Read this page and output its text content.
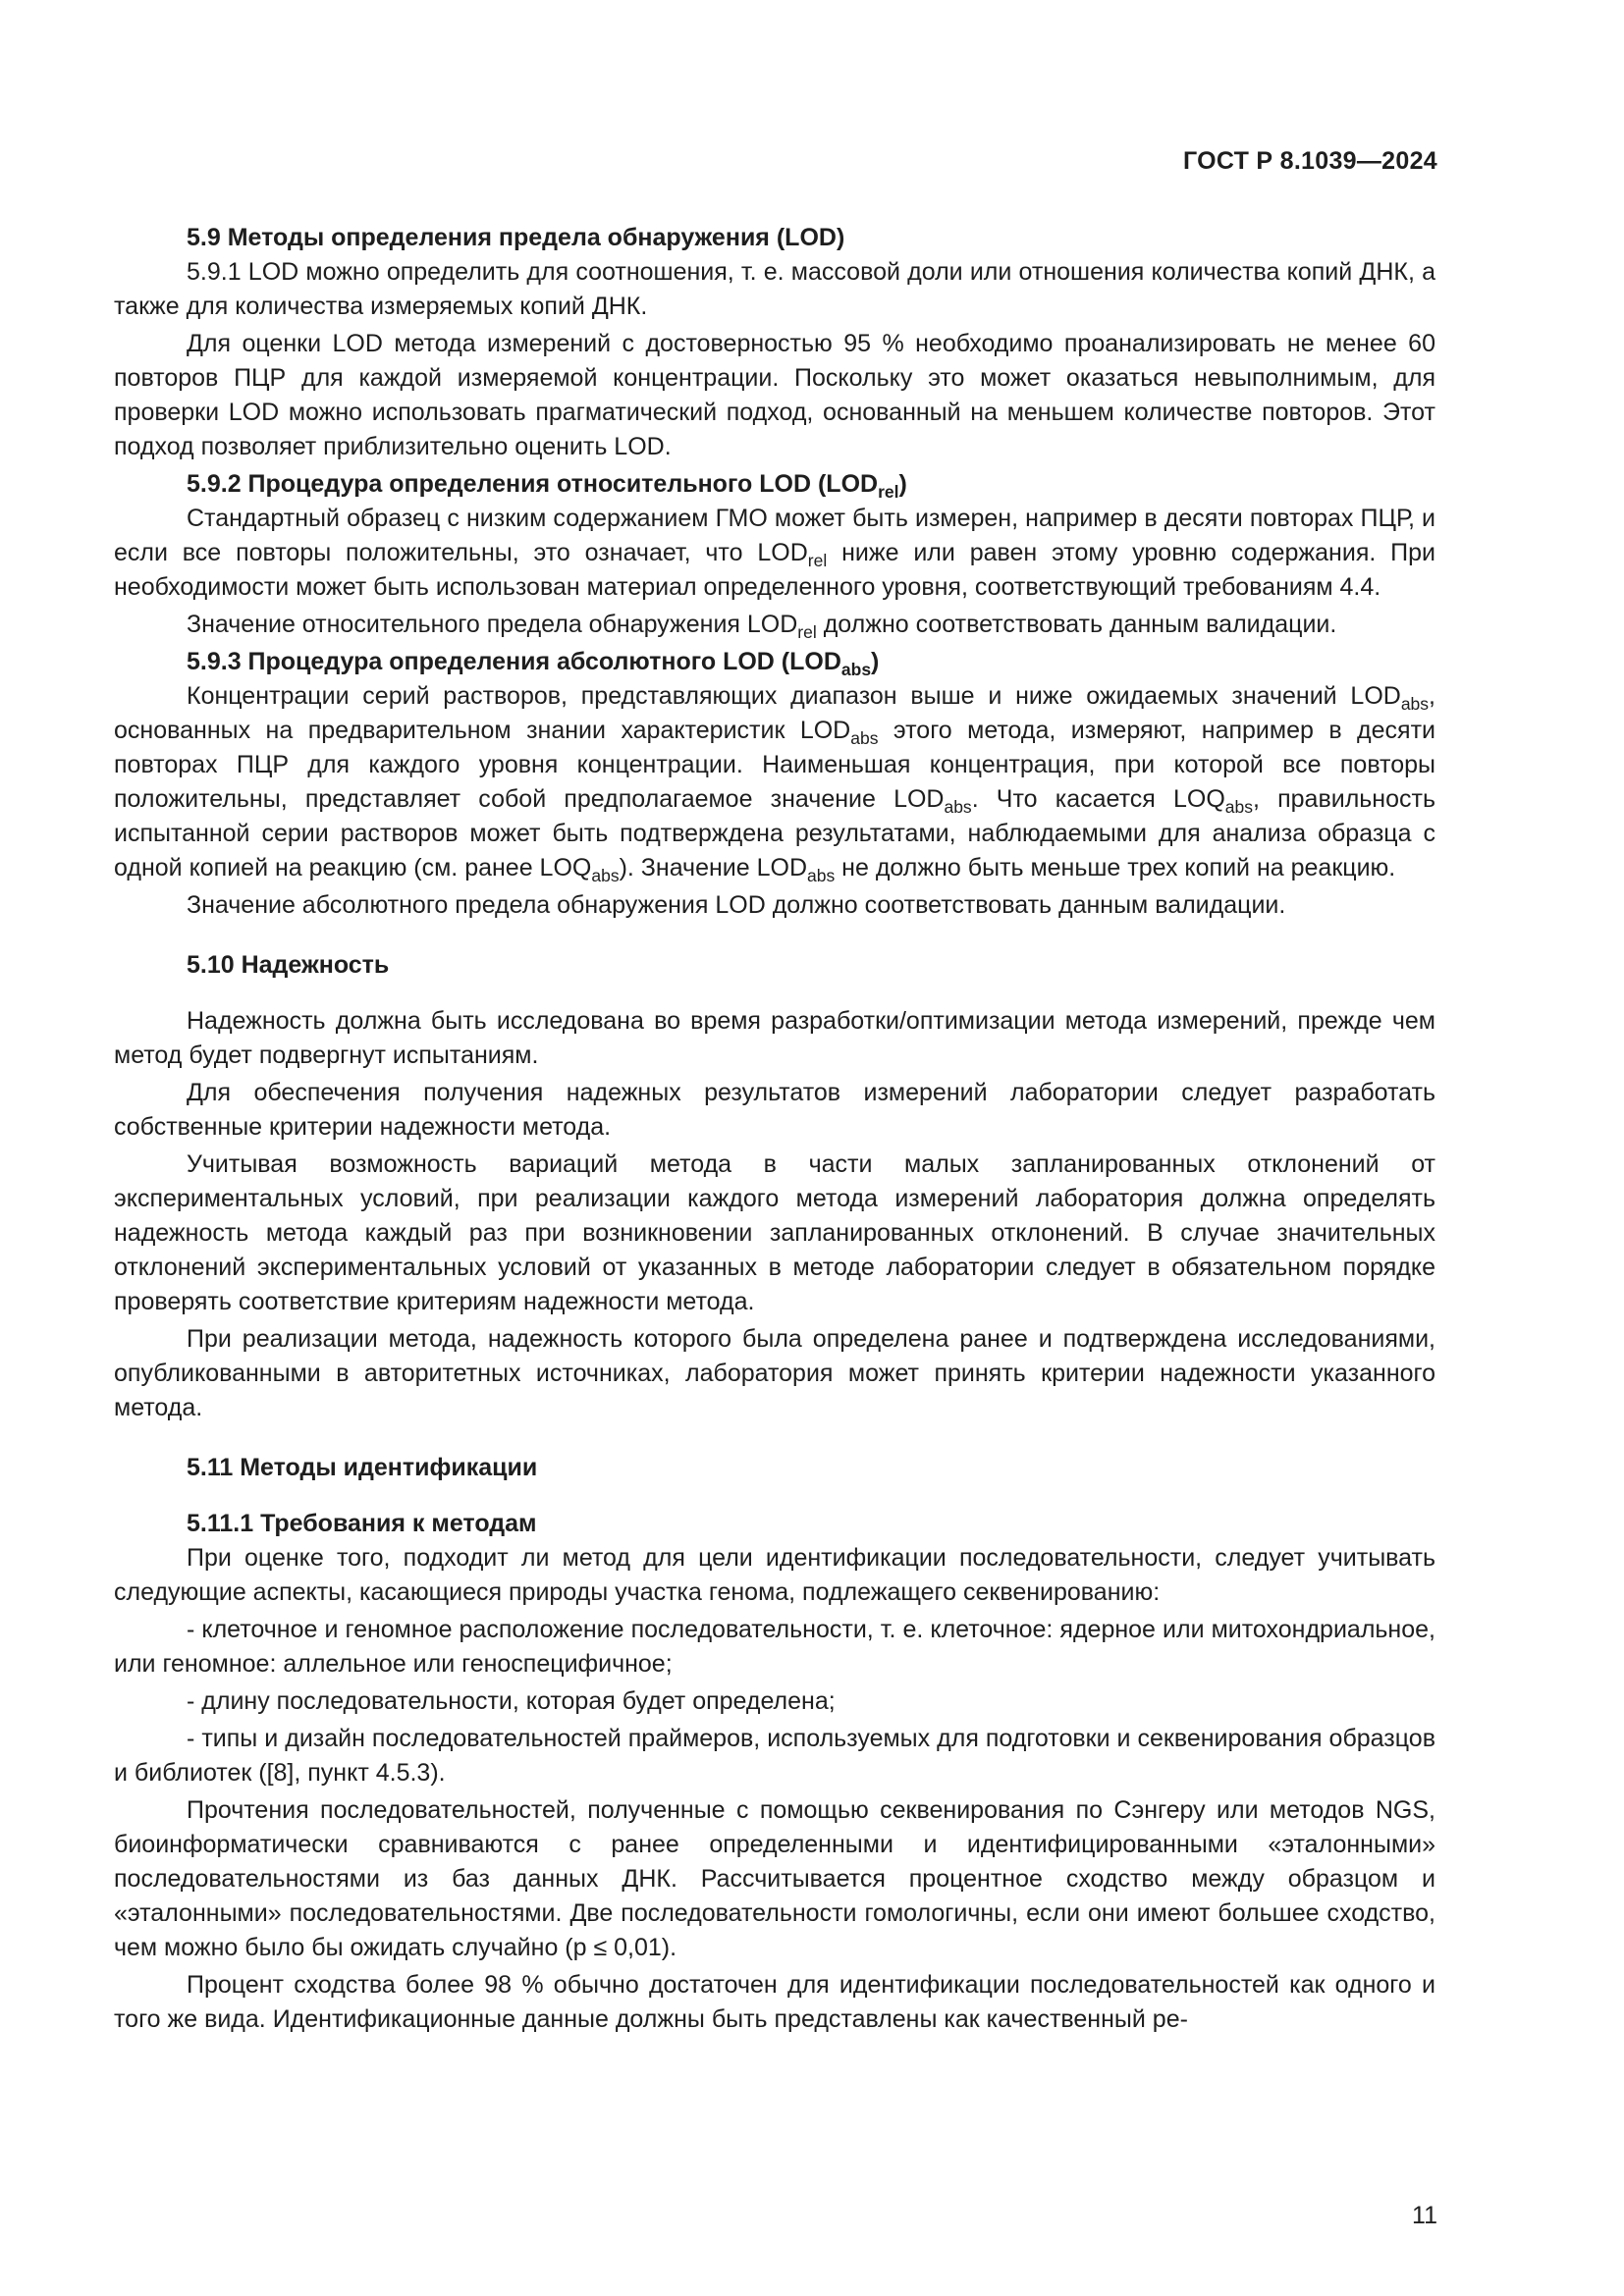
ГОСТ Р 8.1039—2024
5.9 Методы определения предела обнаружения (LOD)
5.9.1 LOD можно определить для соотношения, т. е. массовой доли или отношения количества копий ДНК, а также для количества измеряемых копий ДНК.
Для оценки LOD метода измерений с достоверностью 95 % необходимо проанализировать не менее 60 повторов ПЦР для каждой измеряемой концентрации. Поскольку это может оказаться невыполнимым, для проверки LOD можно использовать прагматический подход, основанный на меньшем количестве повторов. Этот подход позволяет приблизительно оценить LOD.
5.9.2 Процедура определения относительного LOD $(LOD_{rel})$
Стандартный образец с низким содержанием ГМО может быть измерен, например в десяти повторах ПЦР, и если все повторы положительны, это означает, что $LOD_{rel}$ ниже или равен этому уровню содержания. При необходимости может быть использован материал определенного уровня, соответствующий требованиям 4.4.
Значение относительного предела обнаружения $LOD_{rel}$ должно соответствовать данным валидации.
5.9.3 Процедура определения абсолютного LOD $(LOD_{abs})$
Концентрации серий растворов, представляющих диапазон выше и ниже ожидаемых значений $LOD_{abs}$, основанных на предварительном знании характеристик $LOD_{abs}$ этого метода, измеряют, например в десяти повторах ПЦР для каждого уровня концентрации. Наименьшая концентрация, при которой все повторы положительны, представляет собой предполагаемое значение $LOD_{abs}$. Что касается $LOQ_{abs}$, правильность испытанной серии растворов может быть подтверждена результатами, наблюдаемыми для анализа образца с одной копией на реакцию (см. ранее $LOQ_{abs}$). Значение $LOD_{abs}$ не должно быть меньше трех копий на реакцию.
Значение абсолютного предела обнаружения LOD должно соответствовать данным валидации.
5.10 Надежность
Надежность должна быть исследована во время разработки/оптимизации метода измерений, прежде чем метод будет подвергнут испытаниям.
Для обеспечения получения надежных результатов измерений лаборатории следует разработать собственные критерии надежности метода.
Учитывая возможность вариаций метода в части малых запланированных отклонений от экспериментальных условий, при реализации каждого метода измерений лаборатория должна определять надежность метода каждый раз при возникновении запланированных отклонений. В случае значительных отклонений экспериментальных условий от указанных в методе лаборатории следует в обязательном порядке проверять соответствие критериям надежности метода.
При реализации метода, надежность которого была определена ранее и подтверждена исследованиями, опубликованными в авторитетных источниках, лаборатория может принять критерии надежности указанного метода.
5.11 Методы идентификации
5.11.1 Требования к методам
При оценке того, подходит ли метод для цели идентификации последовательности, следует учитывать следующие аспекты, касающиеся природы участка генома, подлежащего секвенированию:
- клеточное и геномное расположение последовательности, т. е. клеточное: ядерное или митохондриальное, или геномное: аллельное или геноспецифичное;
- длину последовательности, которая будет определена;
- типы и дизайн последовательностей праймеров, используемых для подготовки и секвенирования образцов и библиотек ([8], пункт 4.5.3).
Прочтения последовательностей, полученные с помощью секвенирования по Сэнгеру или методов NGS, биоинформатически сравниваются с ранее определенными и идентифицированными «эталонными» последовательностями из баз данных ДНК. Рассчитывается процентное сходство между образцом и «эталонными» последовательностями. Две последовательности гомологичны, если они имеют большее сходство, чем можно было бы ожидать случайно (p ≤ 0,01).
Процент сходства более 98 % обычно достаточен для идентификации последовательностей как одного и того же вида. Идентификационные данные должны быть представлены как качественный ре-
11
